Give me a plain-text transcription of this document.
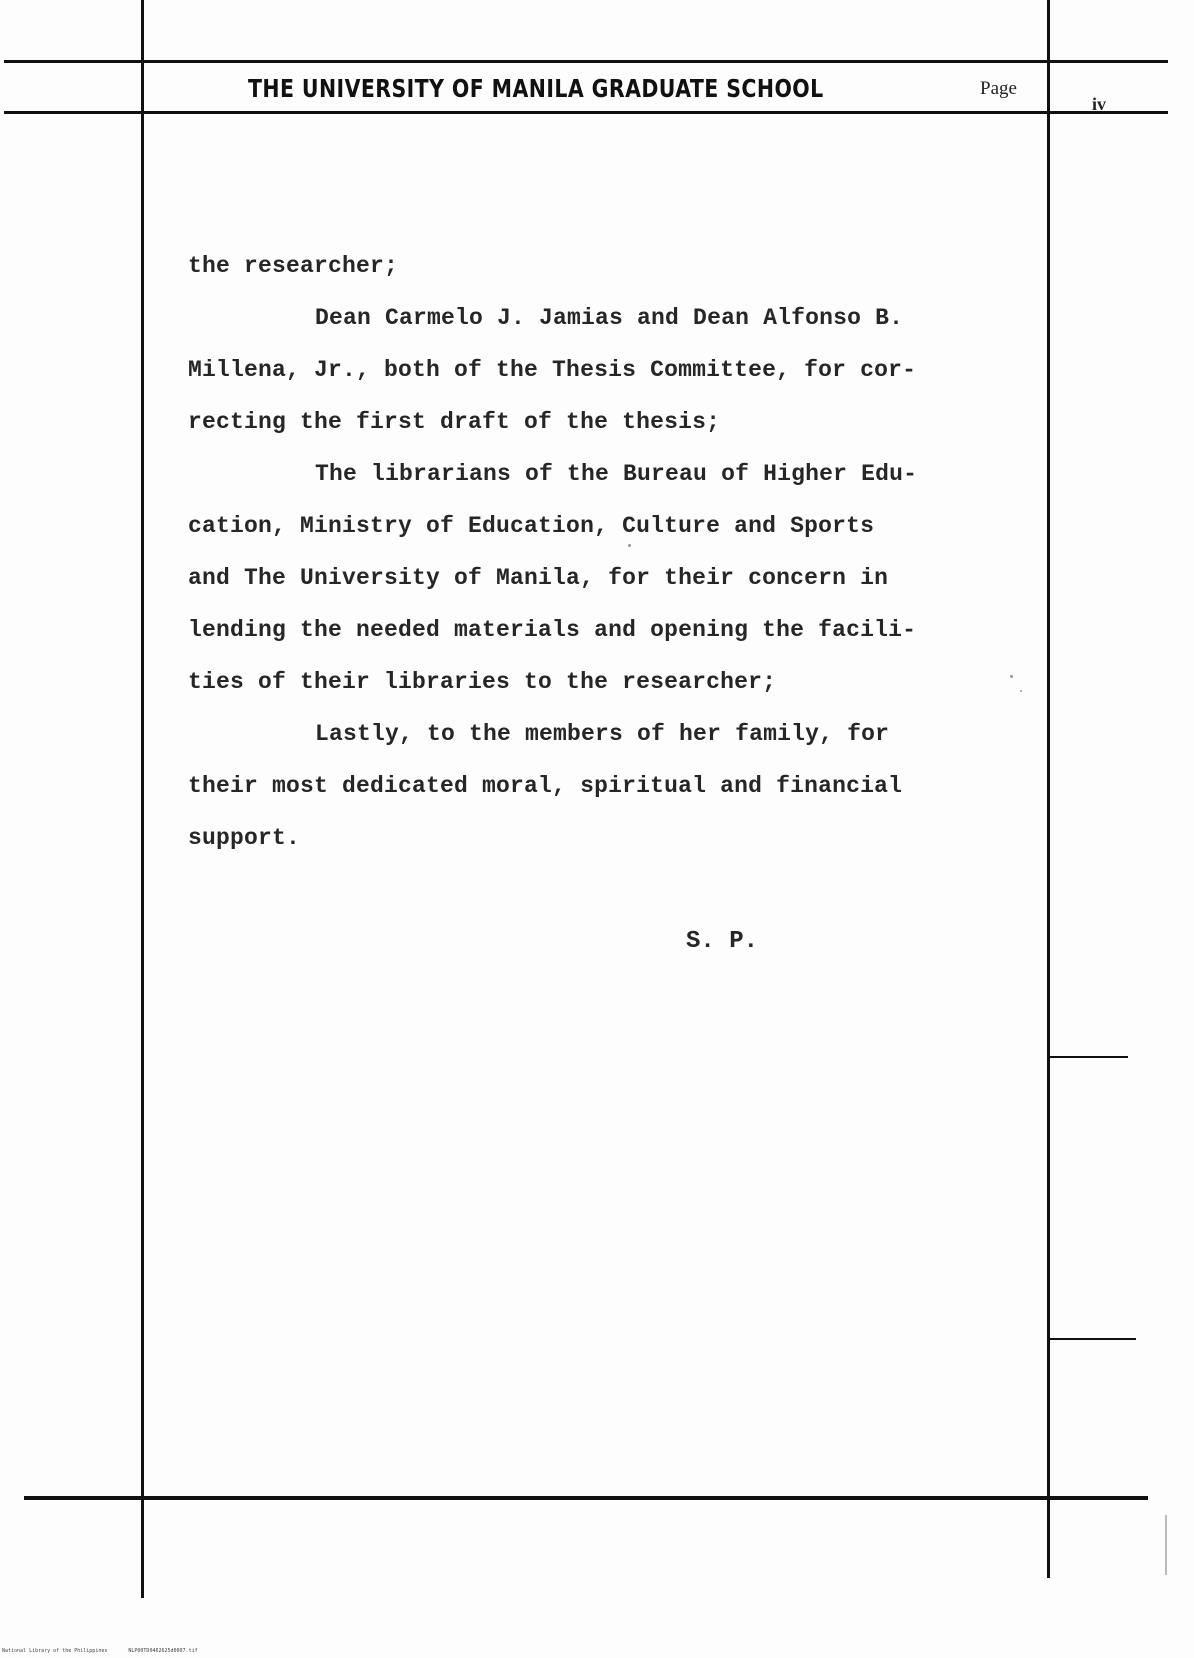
THE UNIVERSITY OF MANILA GRADUATE SCHOOL	Page
iv
the researcher;
Dean Carmelo J. Jamias and Dean Alfonso B.
Millena, Jr., both of the Thesis Committee, for cor-
recting the first draft of the thesis;
The librarians of the Bureau of Higher Edu-
cation, Ministry of Education, Culture and Sports
and The University of Manila, for their concern in
lending the needed materials and opening the facili-
ties of their libraries to the researcher;
Lastly, to the members of her family, for
their most dedicated moral, spiritual and financial
support.
S. P.
National Library of the Philippines	NLP00TD0462625d0007.tif
